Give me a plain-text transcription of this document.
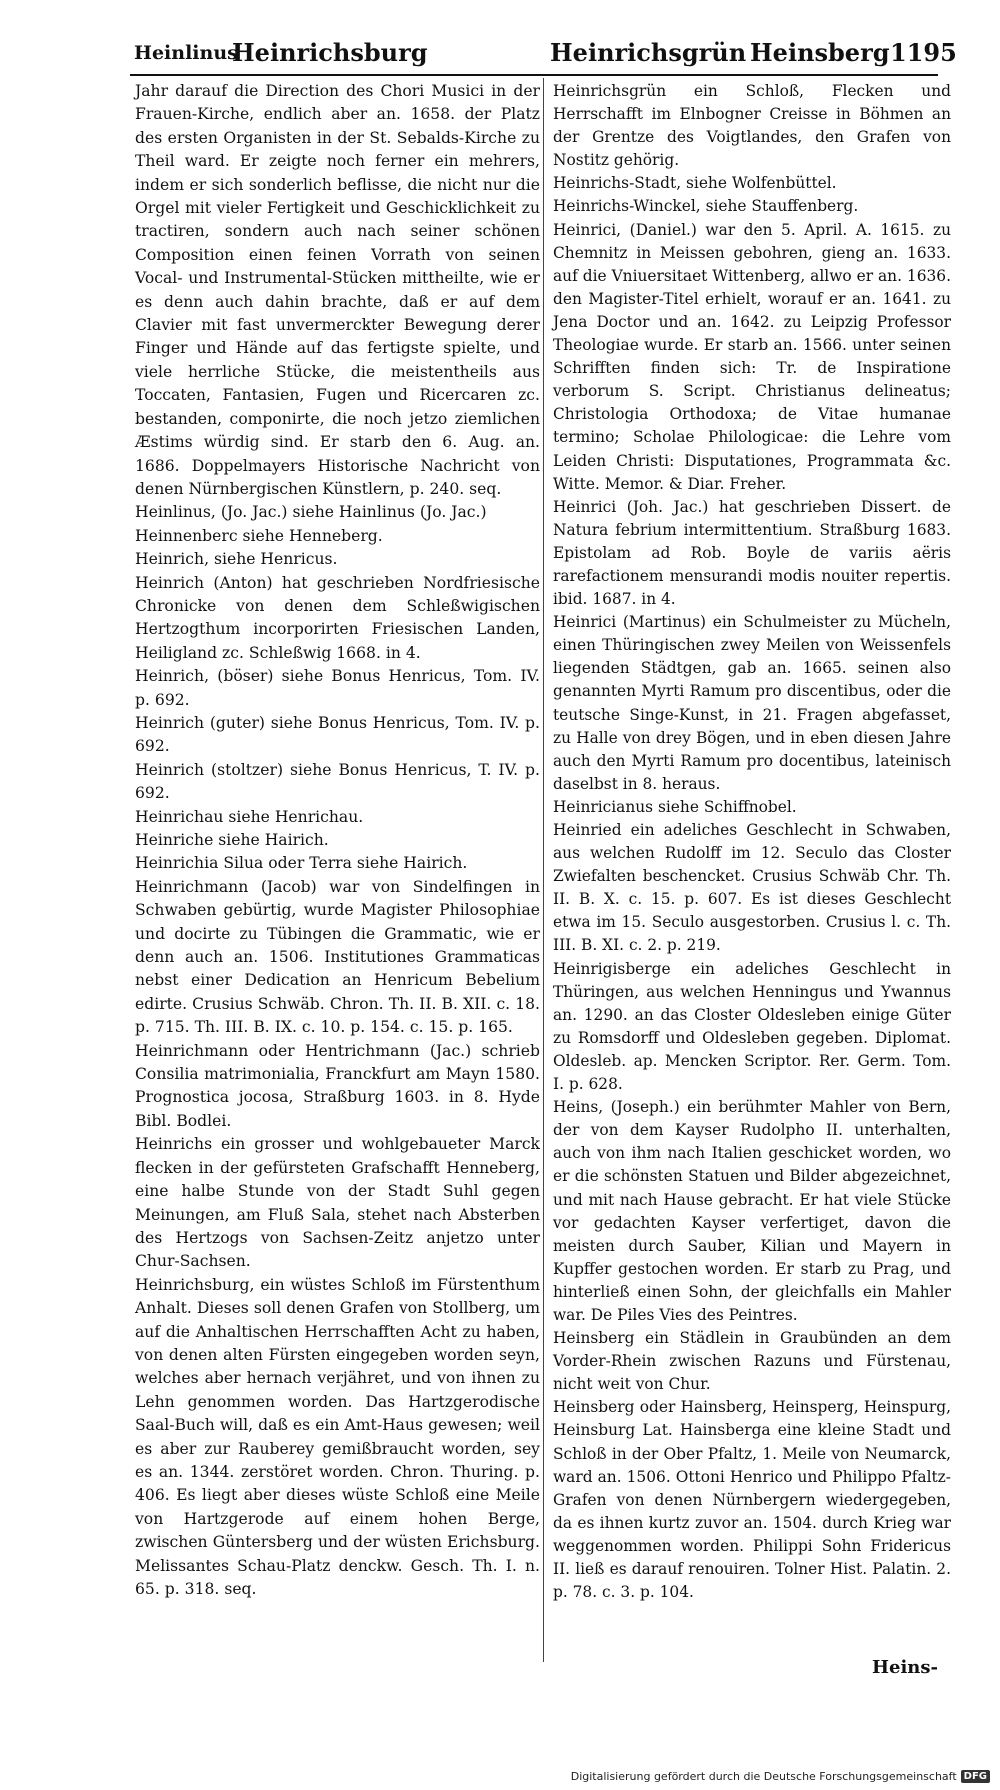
Heinlinus
Heinrichsburg	Heinrichsgrün Heinsberg 1195

Jahr darauf die Direction des Chori Musici in der Frauen-Kirche, endlich aber an. 1658. der Platz des ersten Organisten in der St. Sebalds-Kirche zu Theil ward. Er zeigte noch ferner ein mehrers, indem er sich sonderlich beflisse, die nicht nur die Orgel mit vieler Fertigkeit und Geschicklichkeit zu tractiren, sondern auch nach seiner schönen Composition einen feinen Vorrath von seinen Vocal- und Instrumental-Stücken mittheilte, wie er es denn auch dahin brachte, daß er auf dem Clavier mit fast unvermerckter Bewegung derer Finger und Hände auf das fertigste spielte, und viele herrliche Stücke, die meistentheils aus Toccaten, Fantasien, Fugen und Ricercaren zc. bestanden, componirte, die noch jetzo ziemlichen Æstims würdig sind. Er starb den 6. Aug. an. 1686. Doppelmayers Historische Nachricht von denen Nürnbergischen Künstlern, p. 240. seq.

Heinlinus, (Jo. Jac.) siehe Hainlinus (Jo. Jac.)

Heinnenberc siehe Henneberg.

Heinrich, siehe Henricus.

Heinrich (Anton) hat geschrieben Nordfriesische Chronicke von denen dem Schleßwigischen Hertzogthum incorporirten Friesischen Landen, Heiligland zc. Schleßwig 1668. in 4.

Heinrich, (böser) siehe Bonus Henricus, Tom. IV. p. 692.

Heinrich (guter) siehe Bonus Henricus, Tom. IV. p. 692.

Heinrich (stoltzer) siehe Bonus Henricus, T. IV. p. 692.

Heinrichau siehe Henrichau.

Heinriche siehe Hairich.

Heinrichia Silua oder Terra siehe Hairich.

Heinrichmann (Jacob) war von Sindelfingen in Schwaben gebürtig, wurde Magister Philosophiae und docirte zu Tübingen die Grammatic, wie er denn auch an. 1506. Institutiones Grammaticas nebst einer Dedication an Henricum Bebelium edirte. Crusius Schwäb. Chron. Th. II. B. XII. c. 18. p. 715. Th. III. B. IX. c. 10. p. 154. c. 15. p. 165.

Heinrichmann oder Hentrichmann (Jac.) schrieb Consilia matrimonialia, Franckfurt am Mayn 1580. Prognostica jocosa, Straßburg 1603. in 8. Hyde Bibl. Bodlei.

Heinrichs ein grosser und wohlgebaueter Marck flecken in der gefürsteten Grafschafft Henneberg, eine halbe Stunde von der Stadt Suhl gegen Meinungen, am Fluß Sala, stehet nach Absterben des Hertzogs von Sachsen-Zeitz anjetzo unter Chur-Sachsen.

Heinrichsburg, ein wüstes Schloß im Fürstenthum Anhalt. Dieses soll denen Grafen von Stollberg, um auf die Anhaltischen Herrschafften Acht zu haben, von denen alten Fürsten eingegeben worden seyn, welches aber hernach verjähret, und von ihnen zu Lehn genommen worden. Das Hartzgerodische Saal-Buch will, daß es ein Amt-Haus gewesen; weil es aber zur Rauberey gemißbraucht worden, sey es an. 1344. zerstöret worden. Chron. Thuring. p. 406. Es liegt aber dieses wüste Schloß eine Meile von Hartzgerode auf einem hohen Berge, zwischen Güntersberg und der wüsten Erichsburg. Melissantes Schau-Platz denckw. Gesch. Th. I. n. 65. p. 318. seq.

Heinrichsgrün ein Schloß, Flecken und Herrschafft im Elnbogner Creisse in Böhmen an der Grentze des Voigtlandes, den Grafen von Nostitz gehörig.

Heinrichs-Stadt, siehe Wolfenbüttel.

Heinrichs-Winckel, siehe Stauffenberg.

Heinrici, (Daniel.) war den 5. April. A. 1615. zu Chemnitz in Meissen gebohren, gieng an. 1633. auf die Vniuersitaet Wittenberg, allwo er an. 1636. den Magister-Titel erhielt, worauf er an. 1641. zu Jena Doctor und an. 1642. zu Leipzig Professor Theologiae wurde. Er starb an. 1566. unter seinen Schrifften finden sich: Tr. de Inspiratione verborum S. Script. Christianus delineatus; Christologia Orthodoxa; de Vitae humanae termino; Scholae Philologicae: die Lehre vom Leiden Christi: Disputationes, Programmata &c. Witte. Memor. & Diar. Freher.

Heinrici (Joh. Jac.) hat geschrieben Dissert. de Natura febrium intermittentium. Straßburg 1683. Epistolam ad Rob. Boyle de variis aëris rarefactionem mensurandi modis nouiter repertis. ibid. 1687. in 4.

Heinrici (Martinus) ein Schulmeister zu Mücheln, einen Thüringischen zwey Meilen von Weissenfels liegenden Städtgen, gab an. 1665. seinen also genannten Myrti Ramum pro discentibus, oder die teutsche Singe-Kunst, in 21. Fragen abgefasset, zu Halle von drey Bögen, und in eben diesen Jahre auch den Myrti Ramum pro docentibus, lateinisch daselbst in 8. heraus.

Heinricianus siehe Schiffnobel.

Heinried ein adeliches Geschlecht in Schwaben, aus welchen Rudolff im 12. Seculo das Closter Zwiefalten beschencket. Crusius Schwäb Chr. Th. II. B. X. c. 15. p. 607. Es ist dieses Geschlecht etwa im 15. Seculo ausgestorben. Crusius l. c. Th. III. B. XI. c. 2. p. 219.

Heinrigisberge ein adeliches Geschlecht in Thüringen, aus welchen Henningus und Ywannus an. 1290. an das Closter Oldesleben einige Güter zu Romsdorff und Oldesleben gegeben. Diplomat. Oldesleb. ap. Mencken Scriptor. Rer. Germ. Tom. I. p. 628.

Heins, (Joseph.) ein berühmter Mahler von Bern, der von dem Kayser Rudolpho II. unterhalten, auch von ihm nach Italien geschicket worden, wo er die schönsten Statuen und Bilder abgezeichnet, und mit nach Hause gebracht. Er hat viele Stücke vor gedachten Kayser verfertiget, davon die meisten durch Sauber, Kilian und Mayern in Kupffer gestochen worden. Er starb zu Prag, und hinterließ einen Sohn, der gleichfalls ein Mahler war. De Piles Vies des Peintres.

Heinsberg ein Städlein in Graubünden an dem Vorder-Rhein zwischen Razuns und Fürstenau, nicht weit von Chur.

Heinsberg oder Hainsberg, Heinsperg, Heinspurg, Heinsburg Lat. Hainsberga eine kleine Stadt und Schloß in der Ober Pfaltz, 1. Meile von Neumarck, ward an. 1506. Ottoni Henrico und Philippo Pfaltz-Grafen von denen Nürnbergern wiedergegeben, da es ihnen kurtz zuvor an. 1504. durch Krieg war weggenommen worden. Philippi Sohn Fridericus II. ließ es darauf renouiren. Tolner Hist. Palatin. 2. p. 78. c. 3. p. 104.

Heins-
Digitalisierung gefördert durch die Deutsche Forschungsgemeinschaft DFG
